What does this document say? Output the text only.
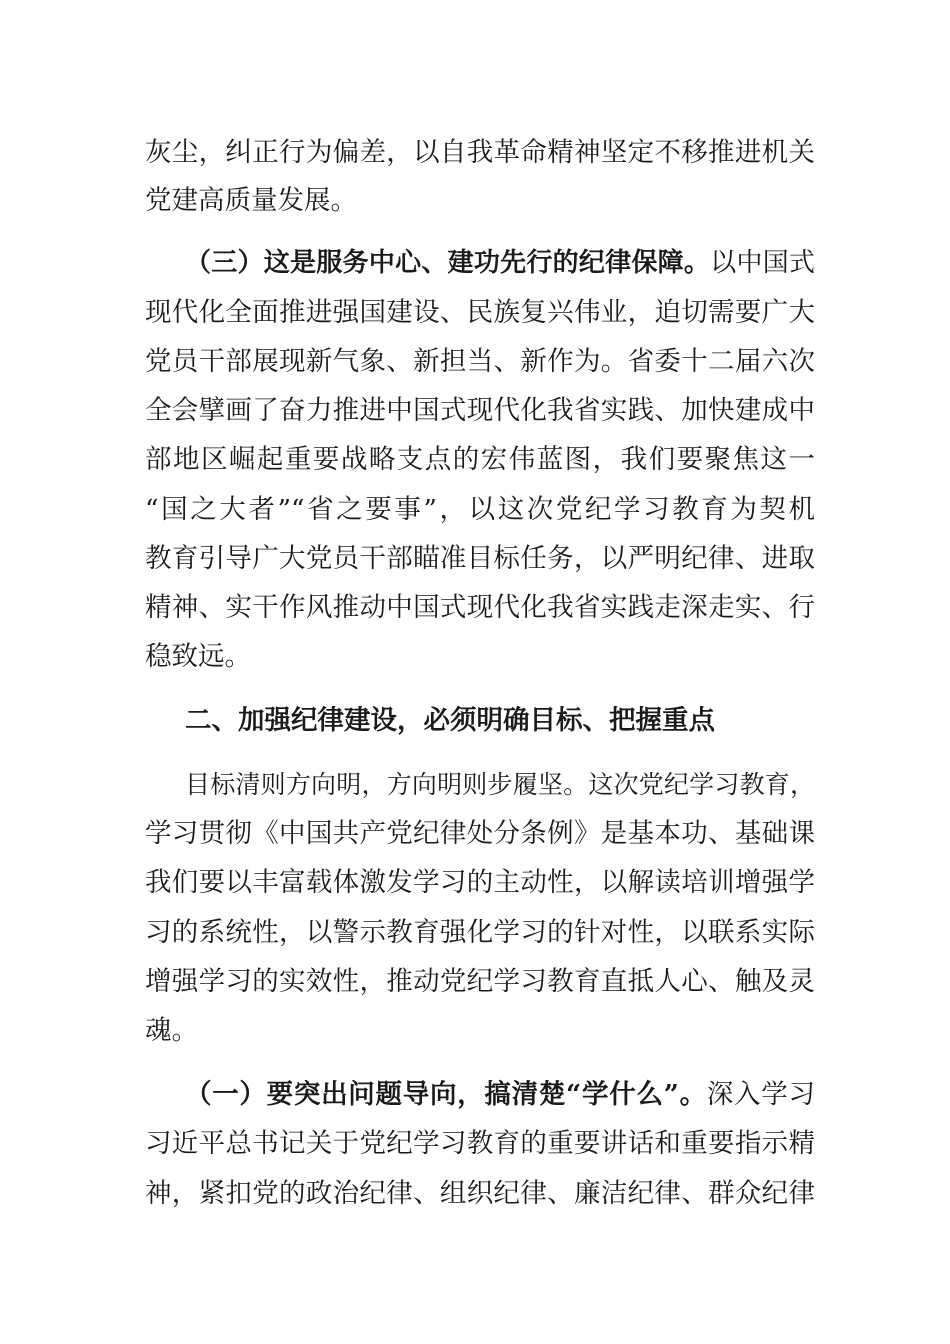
灰尘，纠正行为偏差，以自我革命精神坚定不移推进机关
党建高质量发展。
（三）这是服务中心、建功先行的纪律保障。以中国式
现代化全面推进强国建设、民族复兴伟业，迫切需要广大
党员干部展现新气象、新担当、新作为。省委十二届六次
全会擘画了奋力推进中国式现代化我省实践、加快建成中
部地区崛起重要战略支点的宏伟蓝图，我们要聚焦这一
“国之大者”“省之要事”，以这次党纪学习教育为契机
教育引导广大党员干部瞄准目标任务，以严明纪律、进取
精神、实干作风推动中国式现代化我省实践走深走实、行
稳致远。
二、加强纪律建设，必须明确目标、把握重点
目标清则方向明，方向明则步履坚。这次党纪学习教育，
学习贯彻《中国共产党纪律处分条例》是基本功、基础课
我们要以丰富载体激发学习的主动性，以解读培训增强学
习的系统性，以警示教育强化学习的针对性，以联系实际
增强学习的实效性，推动党纪学习教育直抵人心、触及灵
魂。
（一）要突出问题导向，搞清楚“学什么”。深入学习
习近平总书记关于党纪学习教育的重要讲话和重要指示精
神，紧扣党的政治纪律、组织纪律、廉洁纪律、群众纪律
